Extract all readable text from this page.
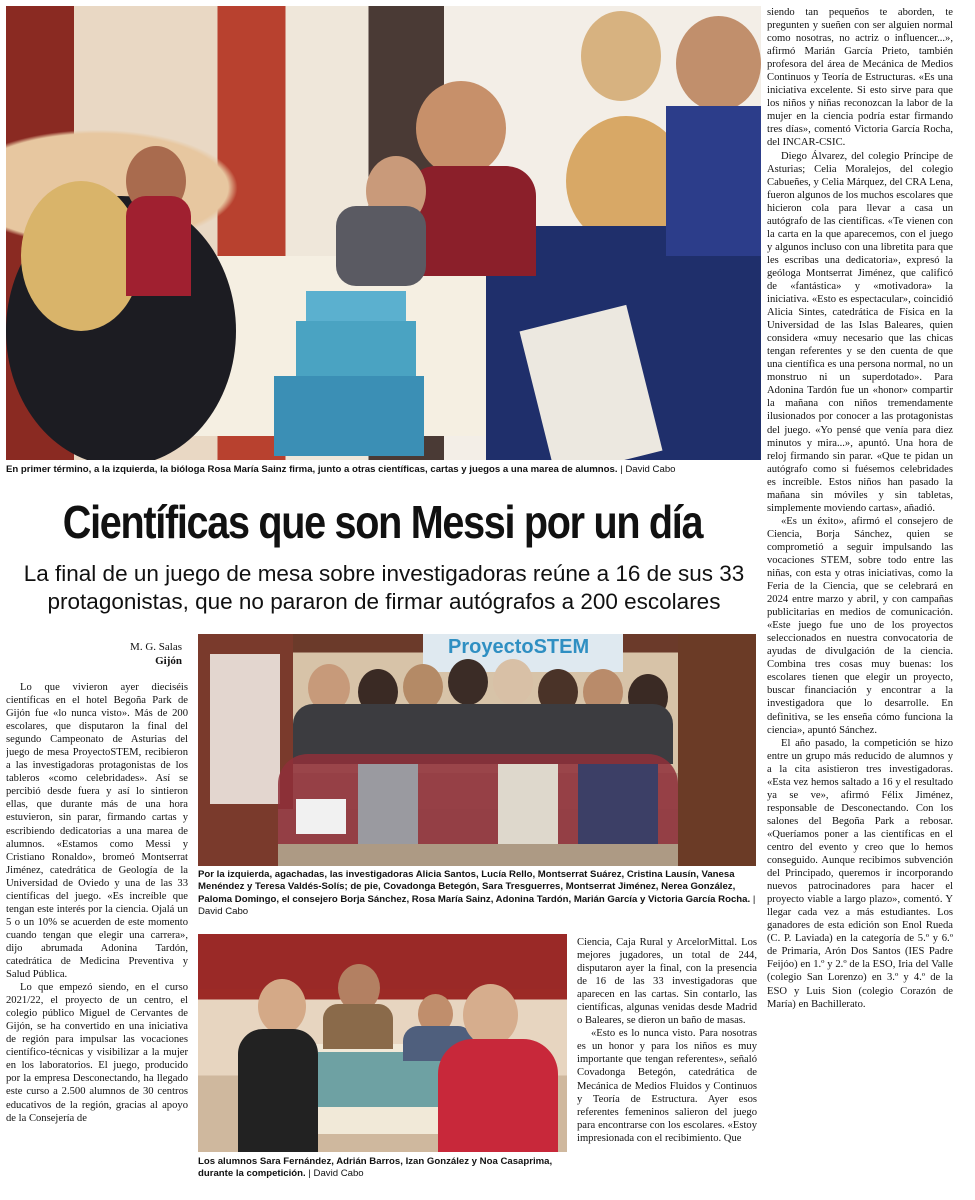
En primer término, a la izquierda, la bióloga Rosa María Sainz firma, junto a otras científicas, cartas y juegos a una marea de alumnos. | David Cabo
Científicas que son Messi por un día
La final de un juego de mesa sobre investigadoras reúne a 16 de sus 33 protagonistas, que no pararon de firmar autógrafos a 200 escolares
M. G. Salas
Gijón

Lo que vivieron ayer dieciséis científicas en el hotel Begoña Park de Gijón fue «lo nunca visto». Más de 200 escolares, que disputaron la final del segundo Campeonato de Asturias del juego de mesa ProyectoSTEM, recibieron a las investigadoras protagonistas de los tableros «como celebridades». Así se percibió desde fuera y así lo sintieron ellas, que durante más de una hora estuvieron, sin parar, firmando cartas y escribiendo dedicatorias a una marea de alumnos. «Estamos como Messi y Cristiano Ronaldo», bromeó Montserrat Jiménez, catedrática de Geología de la Universidad de Oviedo y una de las 33 científicas del juego. «Es increíble que tengan este interés por la ciencia. Ojalá un 5 o un 10% se acuerden de este momento cuando tengan que elegir una carrera», dijo abrumada Adonina Tardón, catedrática de Medicina Preventiva y Salud Pública.

Lo que empezó siendo, en el curso 2021/22, el proyecto de un centro, el colegio público Miguel de Cervantes de Gijón, se ha convertido en una iniciativa de región para impulsar las vocaciones científico-técnicas y visibilizar a la mujer en los laboratorios. El juego, producido por la empresa Desconectando, ha llegado este curso a 2.500 alumnos de 30 centros educativos de la región, gracias al apoyo de la Consejería de

ProyectoSTEM
Por la izquierda, agachadas, las investigadoras Alicia Santos, Lucía Rello, Montserrat Suárez, Cristina Lausín, Vanesa Menéndez y Teresa Valdés-Solís; de pie, Covadonga Betegón, Sara Tresguerres, Montserrat Jiménez, Nerea González, Paloma Domingo, el consejero Borja Sánchez, Rosa María Sainz, Adonina Tardón, Marián García y Victoria García Rocha. | David Cabo
Los alumnos Sara Fernández, Adrián Barros, Izan González y Noa Casaprima, durante la competición. | David Cabo

Ciencia, Caja Rural y ArcelorMittal. Los mejores jugadores, un total de 244, disputaron ayer la final, con la presencia de 16 de las 33 investigadoras que aparecen en las cartas. Sin contarlo, las científicas, algunas venidas desde Madrid o Baleares, se dieron un baño de masas.

«Esto es lo nunca visto. Para nosotras es un honor y para los niños es muy importante que tengan referentes», señaló Covadonga Betegón, catedrática de Mecánica de Medios Fluidos y Continuos y Teoría de Estructura. Ayer esos referentes femeninos salieron del juego para encontrarse con los escolares. «Estoy impresionada con el recibimiento. Que

siendo tan pequeños te aborden, te pregunten y sueñen con ser alguien normal como nosotras, no actriz o influencer...», afirmó Marián García Prieto, también profesora del área de Mecánica de Medios Continuos y Teoría de Estructuras. «Es una iniciativa excelente. Si esto sirve para que los niños y niñas reconozcan la labor de la mujer en la ciencia podría estar firmando tres días», comentó Victoria García Rocha, del INCAR-CSIC.

Diego Álvarez, del colegio Príncipe de Asturias; Celia Moralejos, del colegio Cabueñes, y Celia Márquez, del CRA Lena, fueron algunos de los muchos escolares que hicieron cola para llevar a casa un autógrafo de las científicas. «Te vienen con la carta en la que aparecemos, con el juego y algunos incluso con una libretita para que les escribas una dedicatoria», expresó la geóloga Montserrat Jiménez, que calificó de «fantástica» y «motivadora» la iniciativa. «Esto es espectacular», coincidió Alicia Sintes, catedrática de Física en la Universidad de las Islas Baleares, quien considera «muy necesario que las chicas tengan referentes y se den cuenta de que una científica es una persona normal, no un monstruo ni un superdotado». Para Adonina Tardón fue un «honor» compartir la mañana con niños tremendamente ilusionados por conocer a las protagonistas del juego. «Yo pensé que venía para diez minutos y mira...», apuntó. Una hora de reloj firmando sin parar. «Que te pidan un autógrafo como si fuésemos celebridades es increíble. Estos niños han pasado la mañana sin móviles y sin tabletas, simplemente moviendo cartas», añadió.

«Es un éxito», afirmó el consejero de Ciencia, Borja Sánchez, quien se comprometió a seguir impulsando las vocaciones STEM, sobre todo entre las niñas, con esta y otras iniciativas, como la Feria de la Ciencia, que se celebrará en 2024 entre marzo y abril, y con campañas publicitarias en medios de comunicación. «Este juego fue uno de los proyectos seleccionados en nuestra convocatoria de ayudas de divulgación de la ciencia. Combina tres cosas muy buenas: los escolares tienen que elegir un proyecto, buscar financiación y encontrar a la investigadora que lo desarrolle. En definitiva, se les enseña cómo funciona la ciencia», apuntó Sánchez.

El año pasado, la competición se hizo entre un grupo más reducido de alumnos y a la cita asistieron tres investigadoras. «Esta vez hemos saltado a 16 y el resultado ya se ve», afirmó Félix Jiménez, responsable de Desconectando. Con los salones del Begoña Park a rebosar. «Queríamos poner a las científicas en el centro del evento y creo que lo hemos conseguido. Aunque recibimos subvención del Principado, queremos ir incorporando nuevos patrocinadores para hacer el proyecto viable a largo plazo», comentó. Y llegar cada vez a más estudiantes. Los ganadores de esta edición son Enol Rueda (C. P. Laviada) en la categoría de 5.º y 6.º de Primaria, Arón Dos Santos (IES Padre Feijóo) en 1.º y 2.º de la ESO, Iria del Valle (colegio San Lorenzo) en 3.º y 4.º de la ESO y Luis Sion (colegio Corazón de María) en Bachillerato.
